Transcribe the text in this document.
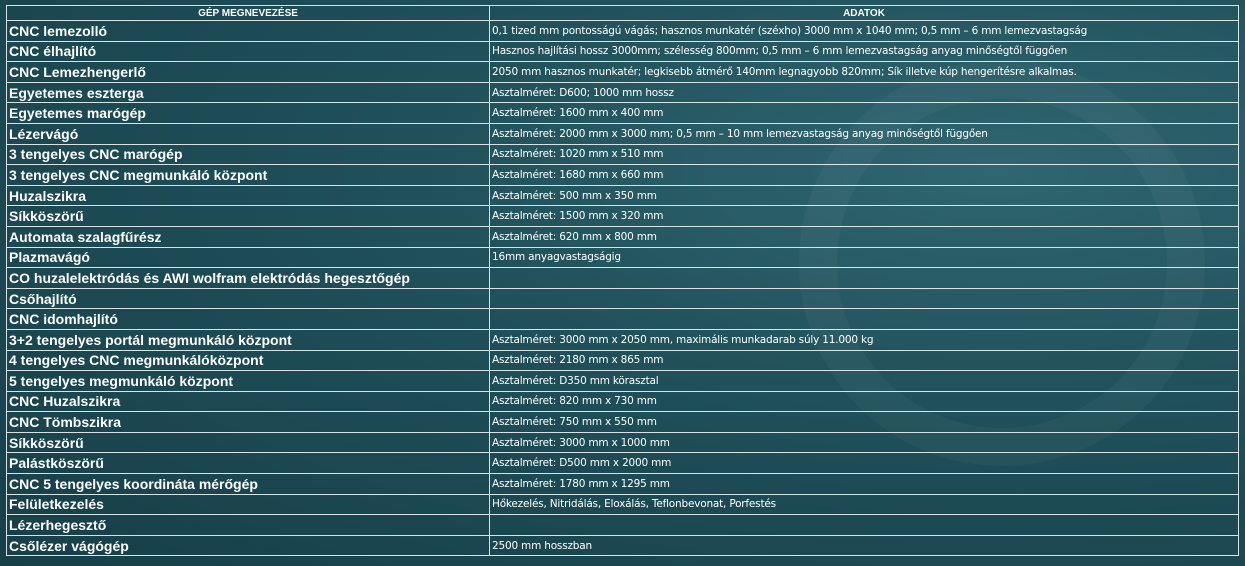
GÉP MEGNEVEZÉSE	ADATOK
CNC lemezolló	0,1 tized mm pontosságú vágás; hasznos munkatér (széxho) 3000 mm x 1040 mm; 0,5 mm – 6 mm lemezvastagság
CNC élhajlító	Hasznos hajlítási hossz 3000mm; szélesség 800mm; 0,5 mm – 6 mm lemezvastagság anyag minőségtől függően
CNC Lemezhengerlő	2050 mm hasznos munkatér; legkisebb átmérő 140mm legnagyobb 820mm; Sík illetve kúp hengerítésre alkalmas.
Egyetemes eszterga	Asztalméret: D600; 1000 mm hossz
Egyetemes marógép	Asztalméret: 1600 mm x 400 mm
Lézervágó	Asztalméret: 2000 mm x 3000 mm; 0,5 mm – 10 mm lemezvastagság anyag minőségtől függően
3 tengelyes CNC marógép	Asztalméret: 1020 mm x 510 mm
3 tengelyes CNC megmunkáló központ	Asztalméret: 1680 mm x 660 mm
Huzalszikra	Asztalméret: 500 mm x 350 mm
Síkköszörű	Asztalméret: 1500 mm x 320 mm
Automata szalagfűrész	Asztalméret: 620 mm x 800 mm
Plazmavágó	16mm anyagvastagságig
CO huzalelektródás és AWI wolfram elektródás hegesztőgép	
Csőhajlító	
CNC idomhajlító	
3+2 tengelyes portál megmunkáló központ	Asztalméret: 3000 mm x 2050 mm, maximális munkadarab súly 11.000 kg
4 tengelyes CNC megmunkálóközpont	Asztalméret: 2180 mm x 865 mm
5 tengelyes megmunkáló központ	Asztalméret: D350 mm körasztal
CNC Huzalszikra	Asztalméret: 820 mm x 730 mm
CNC Tömbszikra	Asztalméret: 750 mm x 550 mm
Síkköszörű	Asztalméret: 3000 mm x 1000 mm
Palástköszörű	Asztalméret: D500 mm x 2000 mm
CNC 5 tengelyes koordináta mérőgép	Asztalméret: 1780 mm x 1295 mm
Felületkezelés	Hőkezelés, Nitridálás, Eloxálás, Teflonbevonat, Porfestés
Lézerhegesztő	
Csőlézer vágógép	2500 mm hosszban
